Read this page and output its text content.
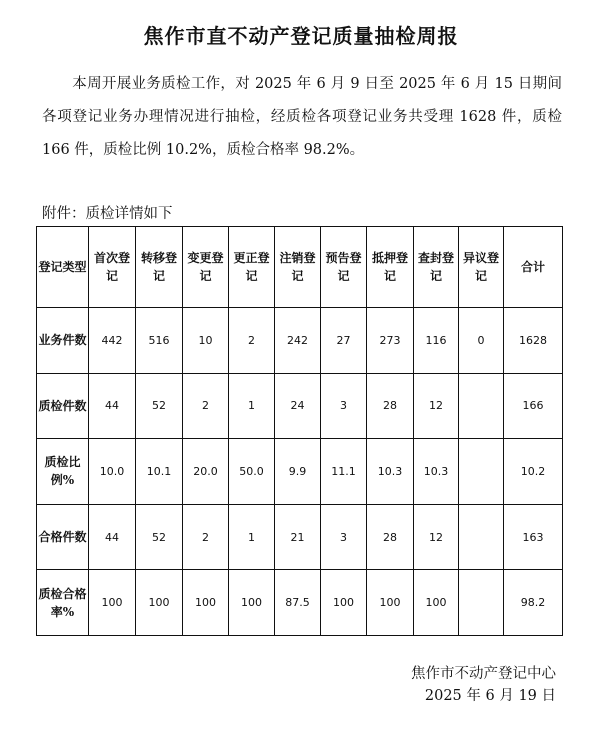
焦作市直不动产登记质量抽检周报
本周开展业务质检工作，对 2025 年 6 月 9 日至 2025 年 6 月 15 日期间各项登记业务办理情况进行抽检，经质检各项登记业务共受理 1628 件，质检 166 件，质检比例 10.2%，质检合格率 98.2%。
附件：质检详情如下
登记类型	首次登记	转移登记	变更登记	更正登记	注销登记	预告登记	抵押登记	查封登记	异议登记	合计
业务件数	442	516	10	2	242	27	273	116	0	1628
质检件数	44	52	2	1	24	3	28	12		166
质检比例%	10.0	10.1	20.0	50.0	9.9	11.1	10.3	10.3		10.2
合格件数	44	52	2	1	21	3	28	12		163
质检合格率%	100	100	100	100	87.5	100	100	100		98.2
焦作市不动产登记中心
2025 年 6 月 19 日
